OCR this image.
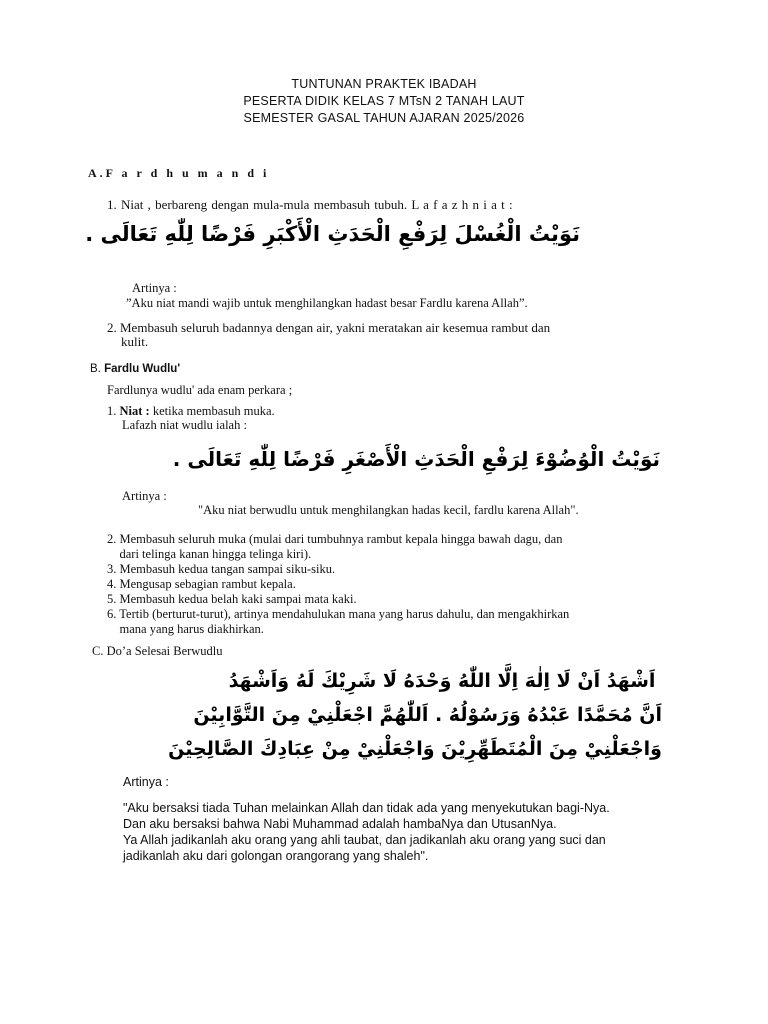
TUNTUNAN PRAKTEK IBADAH
PESERTA DIDIK KELAS 7 MTsN 2 TANAH LAUT
SEMESTER GASAL TAHUN AJARAN 2025/2026
A.F a r d h u m a n d i
1. Niat , berbareng dengan mula-mula membasuh tubuh. L a f a z h n i a t :
نَوَيْتُ الْغُسْلَ لِرَفْعِ الْحَدَثِ الْأَكْبَرِ فَرْضًا لِلّٰهِ تَعَالَى .
Artinya :
”Aku niat mandi wajib untuk menghilangkan hadast besar Fardlu karena Allah”.
2. Membasuh seluruh badannya dengan air, yakni meratakan air kesemua rambut dan
kulit.
B. Fardlu Wudlu'
Fardlunya wudlu' ada enam perkara ;
1. Niat : ketika membasuh muka.
Lafazh niat wudlu ialah :
نَوَيْتُ الْوُضُوْءَ لِرَفْعِ الْحَدَثِ الْأَصْغَرِ فَرْضًا لِلّٰهِ تَعَالَى .
Artinya :
"Aku niat berwudlu untuk menghilangkan hadas kecil, fardlu karena Allah".
2. Membasuh seluruh muka (mulai dari tumbuhnya rambut kepala hingga bawah dagu, dan
dari telinga kanan hingga telinga kiri).
3. Membasuh kedua tangan sampai siku-siku.
4. Mengusap sebagian rambut kepala.
5. Membasuh kedua belah kaki sampai mata kaki.
6. Tertib (berturut-turut), artinya mendahulukan mana yang harus dahulu, dan mengakhirkan
mana yang harus diakhirkan.
C. Do’a Selesai Berwudlu
اَشْهَدُ اَنْ لَا اِلٰهَ اِلَّا اللّٰهُ وَحْدَهُ لَا شَرِيْكَ لَهُ وَاَشْهَدُ
اَنَّ مُحَمَّدًا عَبْدُهُ وَرَسُوْلُهُ . اَللّٰهُمَّ اجْعَلْنِيْ مِنَ التَّوَّابِيْنَ
وَاجْعَلْنِيْ مِنَ الْمُتَطَهِّرِيْنَ وَاجْعَلْنِيْ مِنْ عِبَادِكَ الصَّالِحِيْنَ
Artinya :
"Aku bersaksi tiada Tuhan melainkan Allah dan tidak ada yang menyekutukan bagi-Nya.
Dan aku bersaksi bahwa Nabi Muhammad adalah hambaNya dan UtusanNya.
Ya Allah jadikanlah aku orang yang ahli taubat, dan jadikanlah aku orang yang suci dan
jadikanlah aku dari golongan orangorang yang shaleh".
